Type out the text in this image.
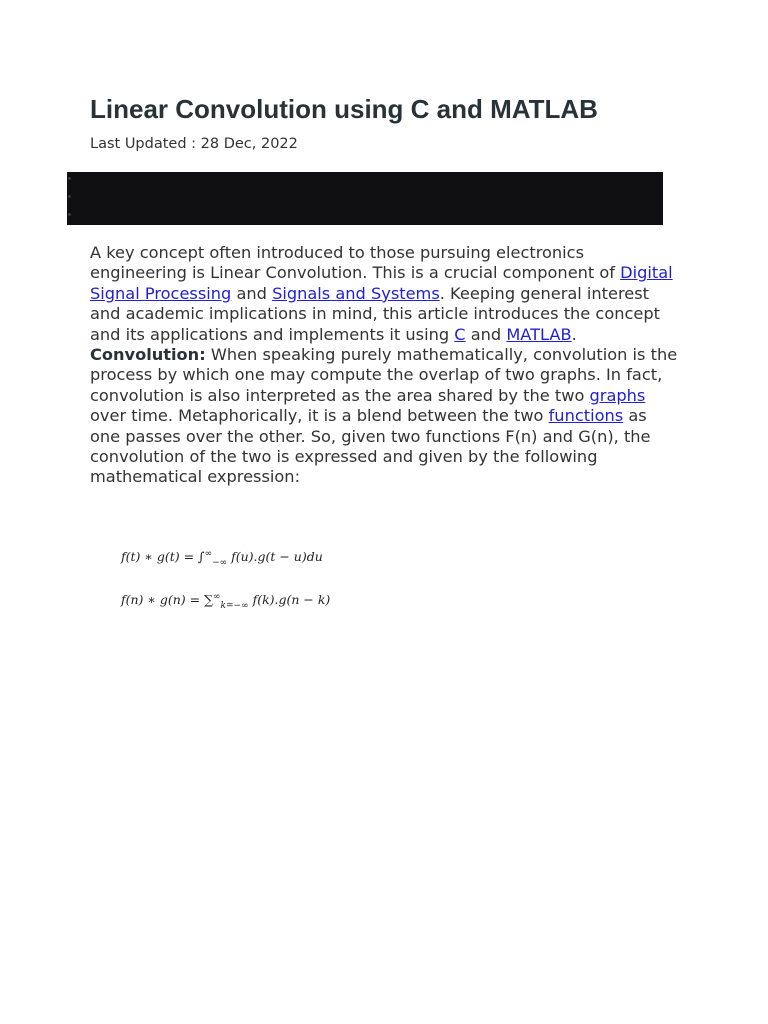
Linear Convolution using C and MATLAB
Last Updated : 28 Dec, 2022

A key concept often introduced to those pursuing electronics engineering is Linear Convolution. This is a crucial component of Digital Signal Processing and Signals and Systems. Keeping general interest and academic implications in mind, this article introduces the concept and its applications and implements it using C and MATLAB.

Convolution: When speaking purely mathematically, convolution is the process by which one may compute the overlap of two graphs. In fact, convolution is also interpreted as the area shared by the two graphs over time. Metaphorically, it is a blend between the two functions as one passes over the other. So, given two functions F(n) and G(n), the convolution of the two is expressed and given by the following mathematical expression:

f(t) ∗ $g(t) = \int^\infty_{-\infty}$ f(u).g(t − u)du
f(n) ∗ $g(n) = \sum^\infty_{k=-\infty}$ f(k).g(n − k)
